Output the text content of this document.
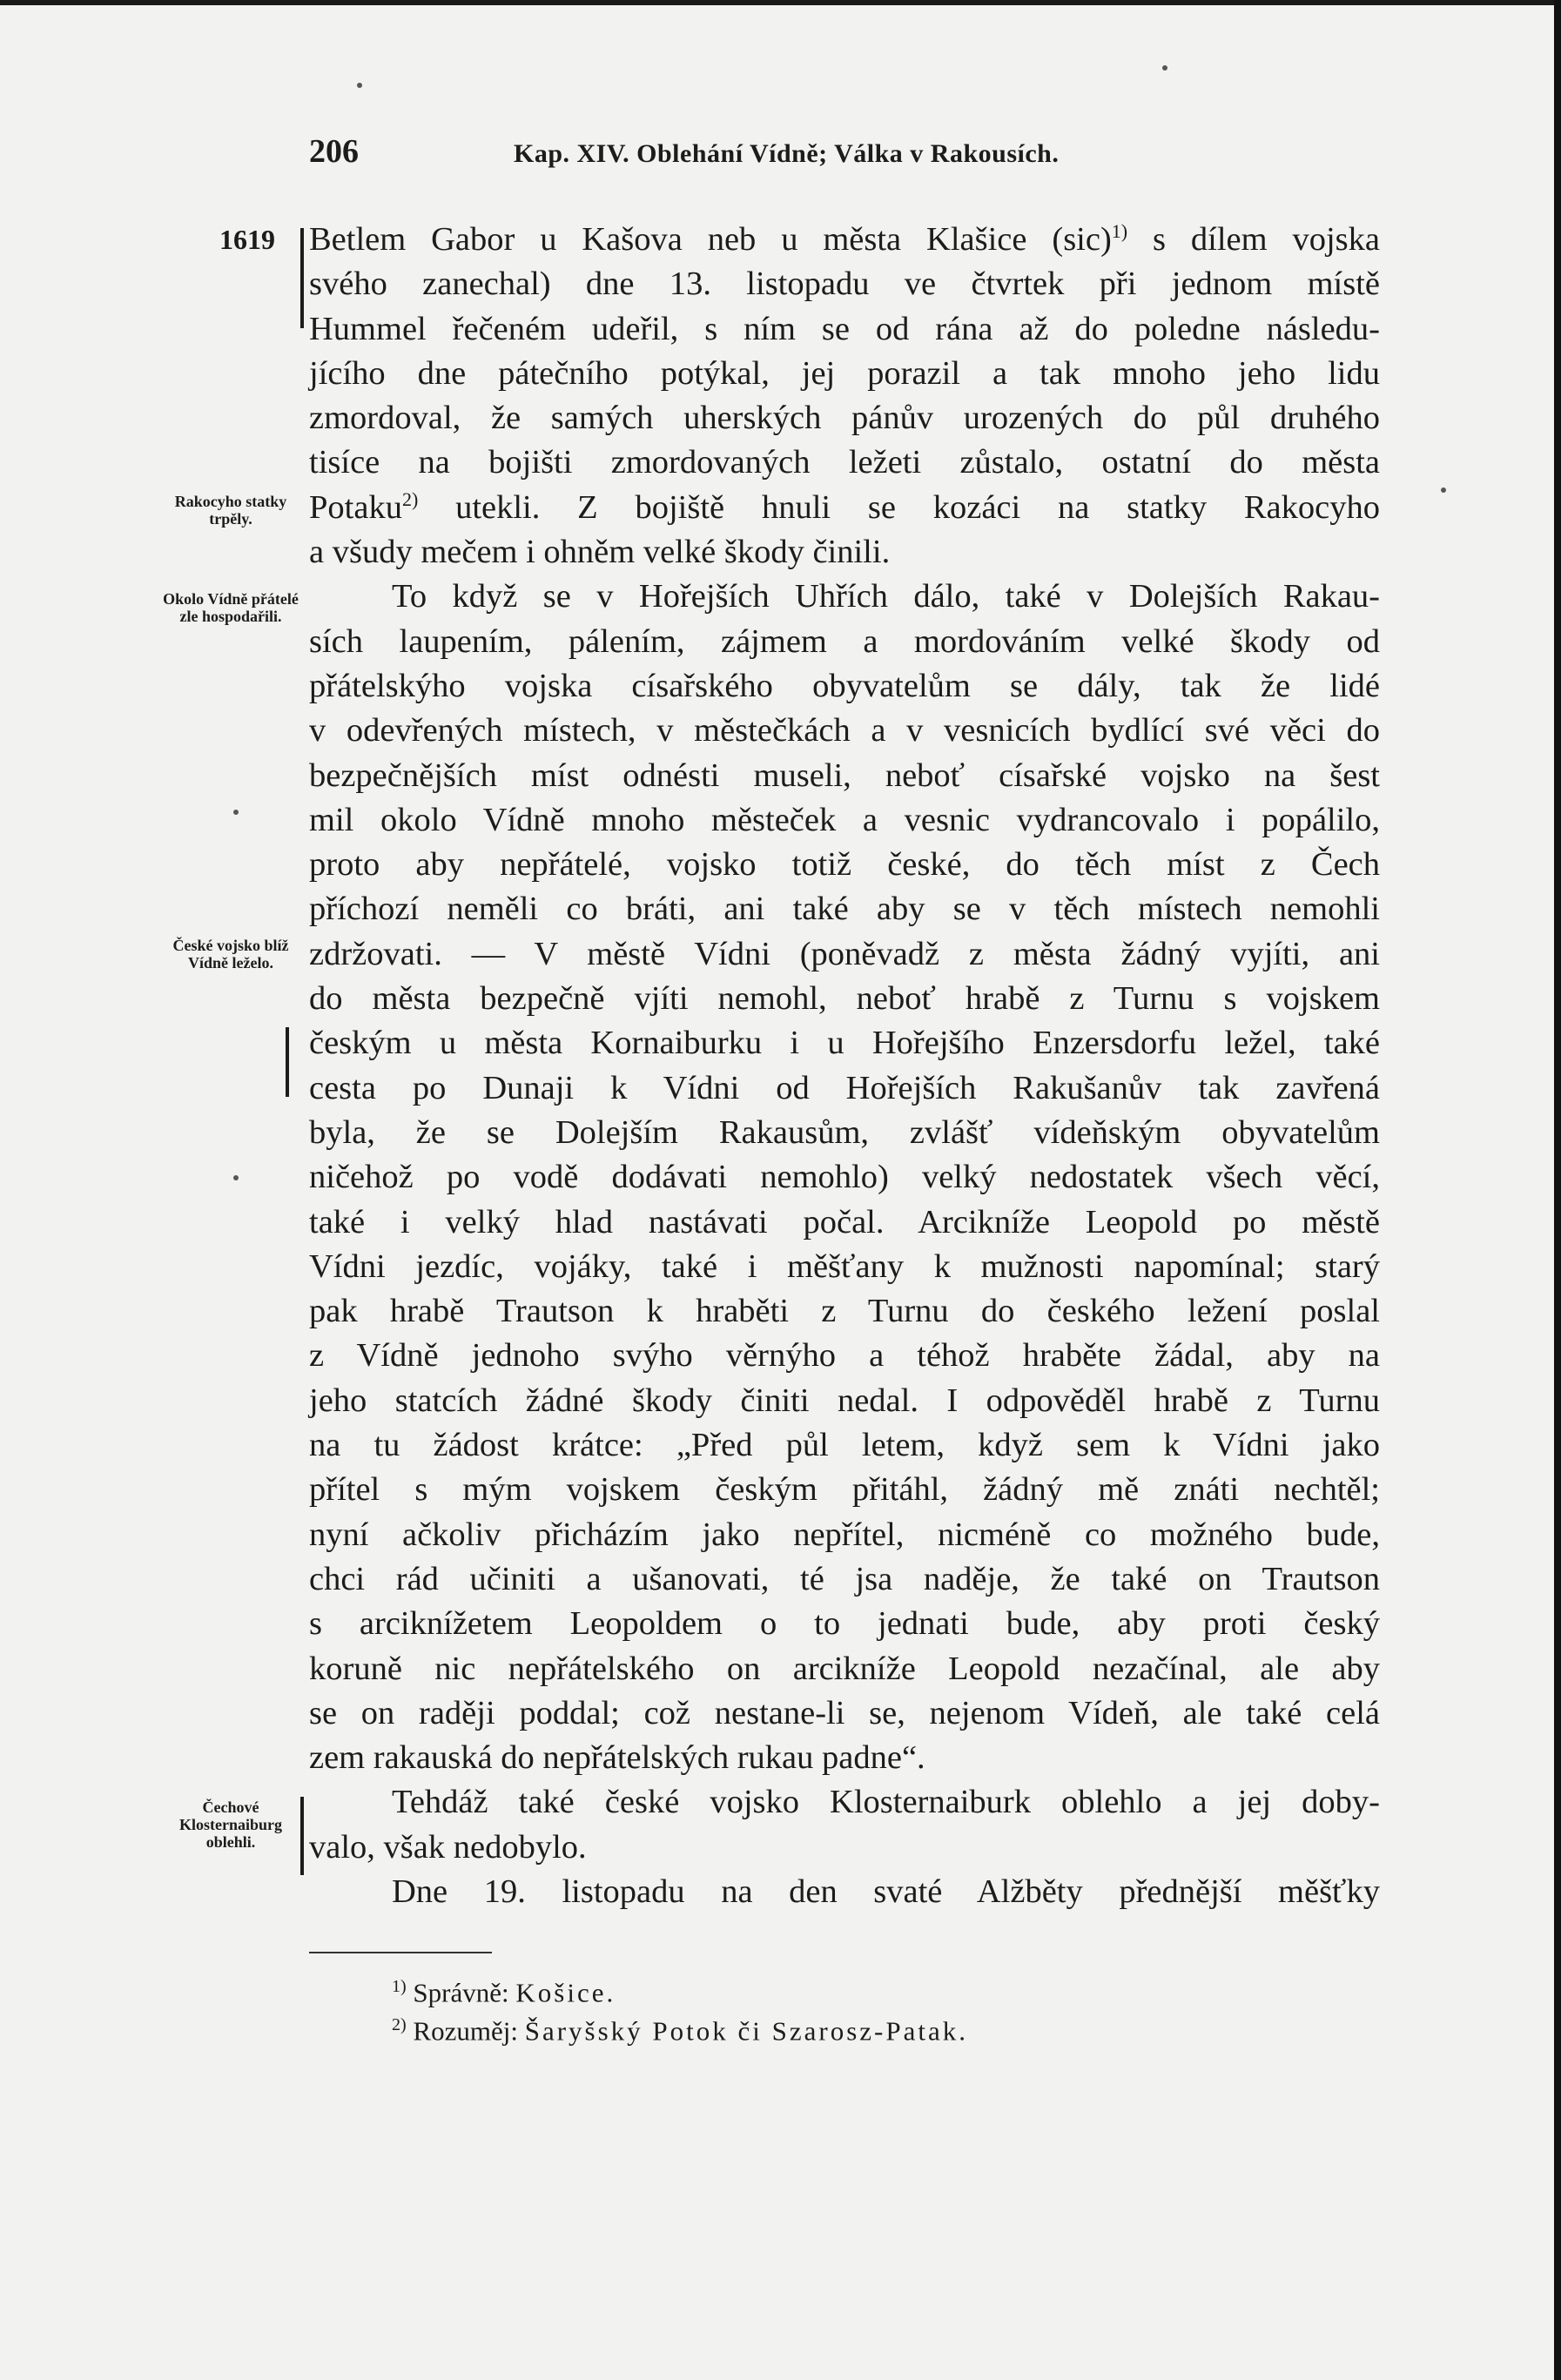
206	Kap. XIV. Oblehání Vídně; Válka v Rakousích.
1619
Rakocyho statky trpěly.
Okolo Vídně přátelé zle hospodařili.
České vojsko blíž Vídně leželo.
Čechové Klosternaiburg oblehli.
Betlem Gabor u Kašova neb u města Klašice (sic)$^{1)}$ s dílem vojska
svého zanechal) dne 13. listopadu ve čtvrtek při jednom místě
Hummel řečeném udeřil, s ním se od rána až do poledne následu-
jícího dne pátečního potýkal, jej porazil a tak mnoho jeho lidu
zmordoval, že samých uherských pánův urozených do půl druhého
tisíce na bojišti zmordovaných ležeti zůstalo, ostatní do města
Potaku$^{2)}$ utekli. Z bojiště hnuli se kozáci na statky Rakocyho
a všudy mečem i ohněm velké škody činili.
To když se v Hořejších Uhřích dálo, také v Dolejších Rakau-
sích laupením, pálením, zájmem a mordováním velké škody od
přátelskýho vojska císařského obyvatelům se dály, tak že lidé
v odevřených místech, v městečkách a v vesnicích bydlící své věci do
bezpečnějších míst odnésti museli, neboť císařské vojsko na šest
mil okolo Vídně mnoho městeček a vesnic vydrancovalo i popálilo,
proto aby nepřátelé, vojsko totiž české, do těch míst z Čech
příchozí neměli co bráti, ani také aby se v těch místech nemohli
zdržovati. — V městě Vídni (poněvadž z města žádný vyjíti, ani
do města bezpečně vjíti nemohl, neboť hrabě z Turnu s vojskem
českým u města Kornaiburku i u Hořejšího Enzersdorfu ležel, také
cesta po Dunaji k Vídni od Hořejších Rakušanův tak zavřená
byla, že se Dolejším Rakausům, zvlášť vídeňským obyvatelům
ničehož po vodě dodávati nemohlo) velký nedostatek všech věcí,
také i velký hlad nastávati počal. Arcikníže Leopold po městě
Vídni jezdíc, vojáky, také i měšťany k mužnosti napomínal; starý
pak hrabě Trautson k hraběti z Turnu do českého ležení poslal
z Vídně jednoho svýho věrnýho a téhož hraběte žádal, aby na
jeho statcích žádné škody činiti nedal. I odpověděl hrabě z Turnu
na tu žádost krátce: „Před půl letem, když sem k Vídni jako
přítel s mým vojskem českým přitáhl, žádný mě znáti nechtěl;
nyní ačkoliv přicházím jako nepřítel, nicméně co možného bude,
chci rád učiniti a ušanovati, té jsa naděje, že také on Trautson
s arciknížetem Leopoldem o to jednati bude, aby proti český
koruně nic nepřátelského on arcikníže Leopold nezačínal, ale aby
se on raději poddal; což nestane-li se, nejenom Vídeň, ale také celá
zem rakauská do nepřátelských rukau padne“.
Tehdáž také české vojsko Klosternaiburk oblehlo a jej doby-
valo, však nedobylo.
Dne 19. listopadu na den svaté Alžběty přednější měšťky
$^{1)}$ Správně: Košice.
$^{2)}$ Rozuměj: Šaryšský Potok či Szarosz-Patak.
